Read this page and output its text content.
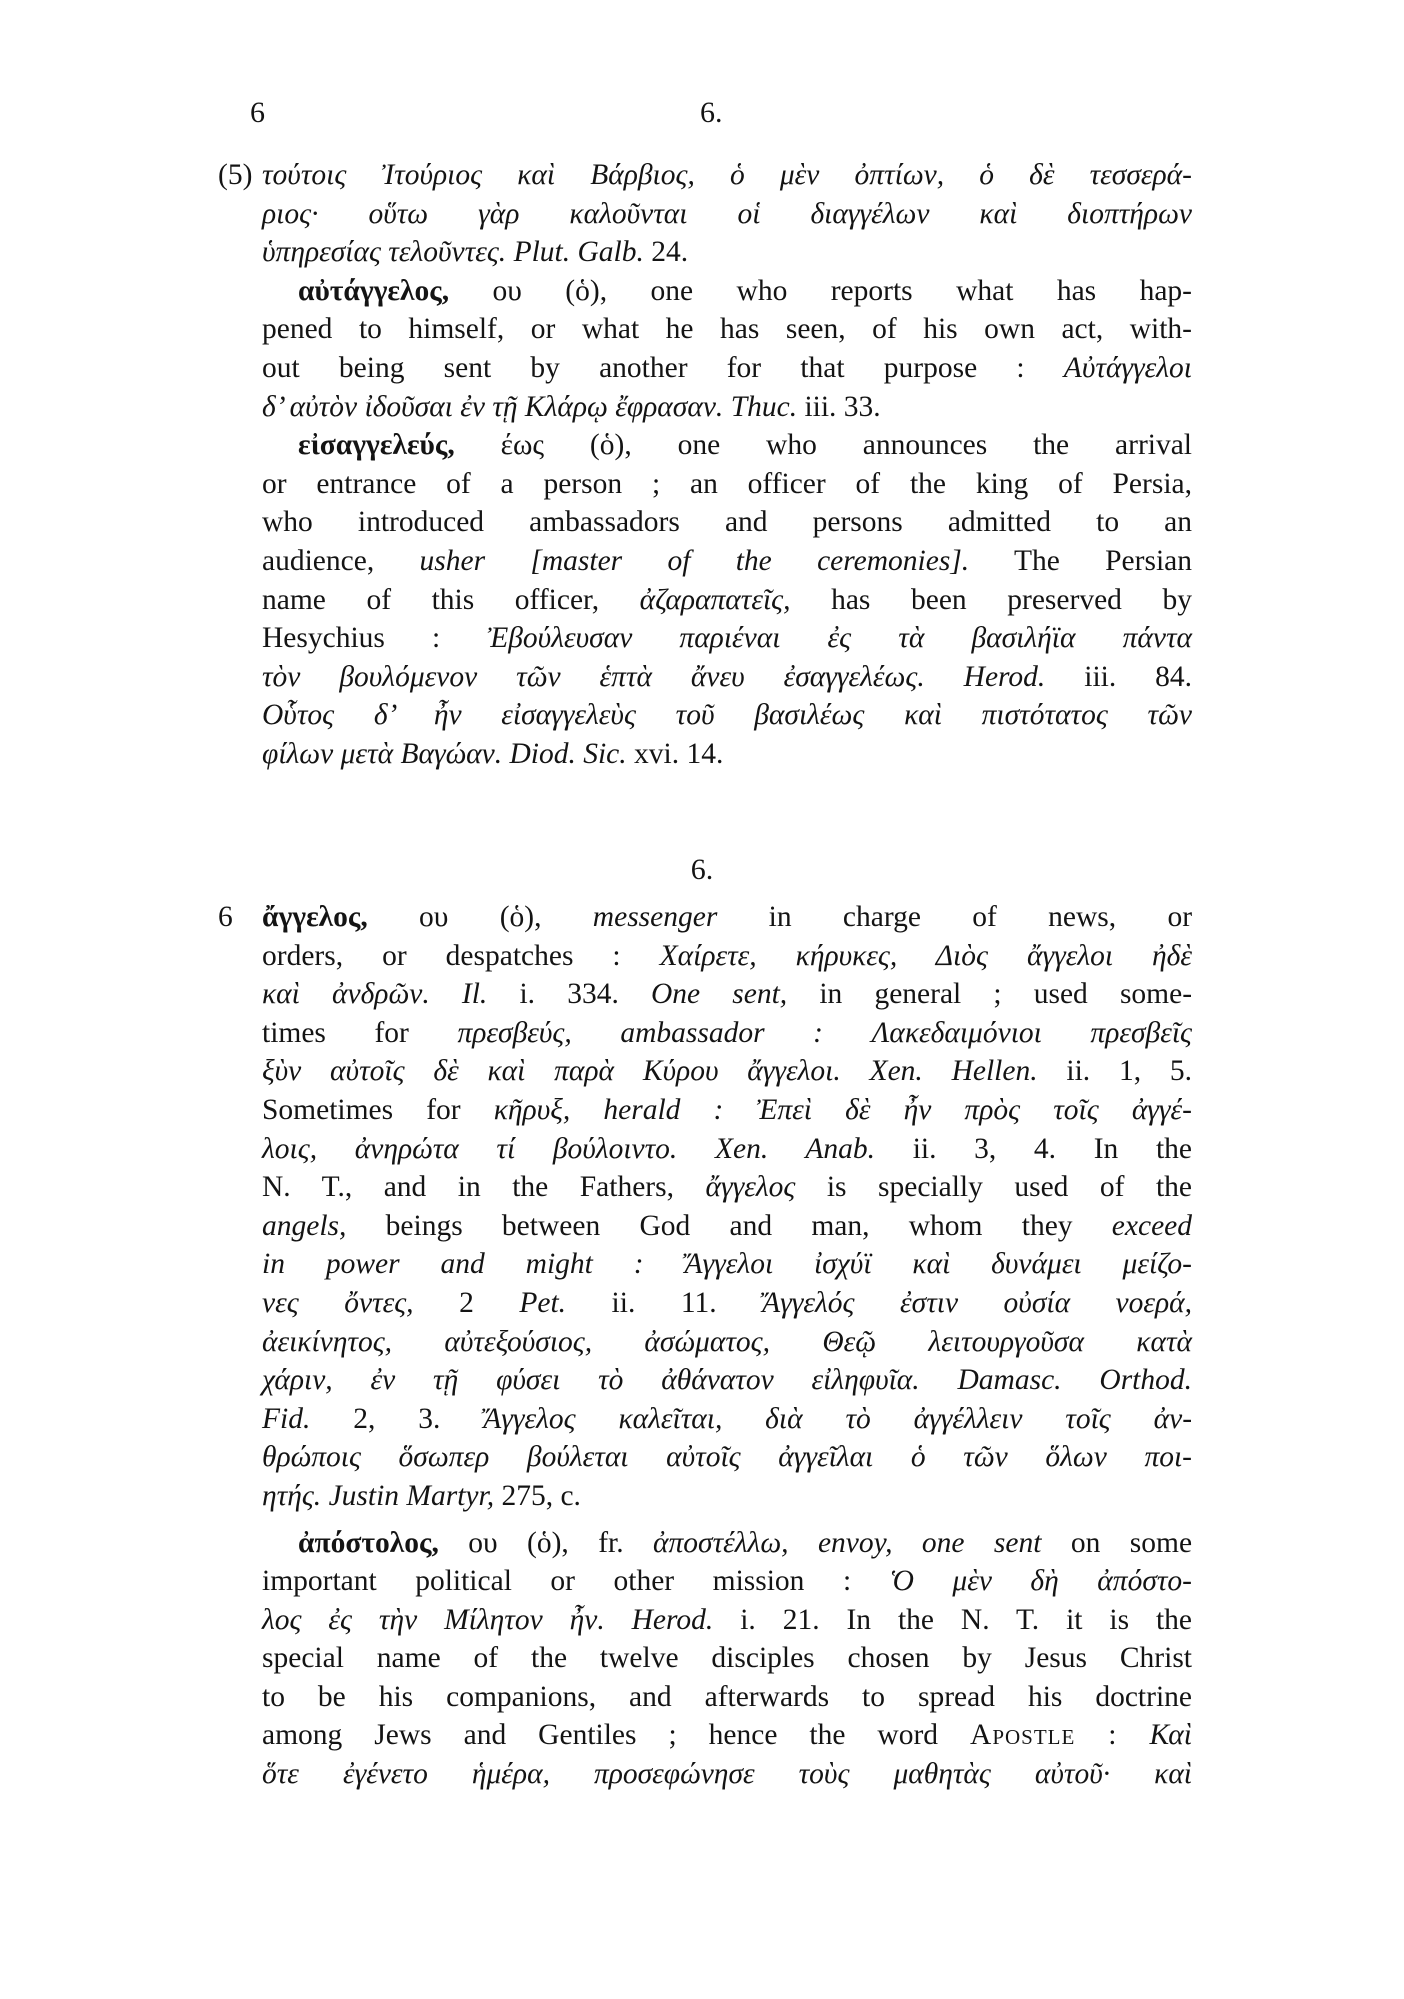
6	6.
(5) τούτοις Ἰτούριος καὶ Βάρβιος, ὁ μὲν ὀπτίων, ὁ δὲ τεσσερά-
ριος· οὕτω γὰρ καλοῦνται οἱ διαγγέλων καὶ διοπτήρων
ὑπηρεσίας τελοῦντες. Plut. Galb. 24.
αὐτάγγελος, ου (ὁ), one who reports what has hap-
pened to himself, or what he has seen, of his own act, with-
out being sent by another for that purpose : Αὐτάγγελοι
δ’ αὐτὸν ἰδοῦσαι ἐν τῇ Κλάρῳ ἔφρασαν. Thuc. iii. 33.
εἰσαγγελεύς, έως (ὁ), one who announces the arrival
or entrance of a person ; an officer of the king of Persia,
who introduced ambassadors and persons admitted to an
audience, usher [master of the ceremonies]. The Persian
name of this officer, ἀζαραπατεῖς, has been preserved by
Hesychius : Ἐβούλευσαν παριέναι ἐς τὰ βασιλήϊα πάντα
τὸν βουλόμενον τῶν ἑπτὰ ἄνευ ἐσαγγελέως. Herod. iii. 84.
Οὗτος δ’ ἦν εἰσαγγελεὺς τοῦ βασιλέως καὶ πιστότατος τῶν
φίλων μετὰ Βαγώαν. Diod. Sic. xvi. 14.
6.
6 ἄγγελος, ου (ὁ), messenger in charge of news, or
orders, or despatches : Χαίρετε, κήρυκες, Διὸς ἄγγελοι ἠδὲ
καὶ ἀνδρῶν. Il. i. 334. One sent, in general ; used some-
times for πρεσβεύς, ambassador : Λακεδαιμόνιοι πρεσβεῖς
ξὺν αὐτοῖς δὲ καὶ παρὰ Κύρου ἄγγελοι. Xen. Hellen. ii. 1, 5.
Sometimes for κῆρυξ, herald : Ἐπεὶ δὲ ἦν πρὸς τοῖς ἀγγέ-
λοις, ἀνηρώτα τί βούλοιντο. Xen. Anab. ii. 3, 4. In the
N. T., and in the Fathers, ἄγγελος is specially used of the
angels, beings between God and man, whom they exceed
in power and might : Ἄγγελοι ἰσχύϊ καὶ δυνάμει μείζο-
νες ὄντες, 2 Pet. ii. 11. Ἄγγελός ἐστιν οὐσία νοερά,
ἀεικίνητος, αὐτεξούσιος, ἀσώματος, Θεῷ λειτουργοῦσα κατὰ
χάριν, ἐν τῇ φύσει τὸ ἀθάνατον εἰληφυῖα. Damasc. Orthod.
Fid. 2, 3. Ἄγγελος καλεῖται, διὰ τὸ ἀγγέλλειν τοῖς ἀν-
θρώποις ὅσωπερ βούλεται αὐτοῖς ἀγγεῖλαι ὁ τῶν ὅλων ποι-
ητής. Justin Martyr, 275, c.
ἀπόστολος, ου (ὁ), fr. ἀποστέλλω, envoy, one sent on some
important political or other mission : Ὁ μὲν δὴ ἀπόστο-
λος ἐς τὴν Μίλητον ἦν. Herod. i. 21. In the N. T. it is the
special name of the twelve disciples chosen by Jesus Christ
to be his companions, and afterwards to spread his doctrine
among Jews and Gentiles ; hence the word Apostle : Καὶ
ὅτε ἐγένετο ἡμέρα, προσεφώνησε τοὺς μαθητὰς αὐτοῦ· καὶ
